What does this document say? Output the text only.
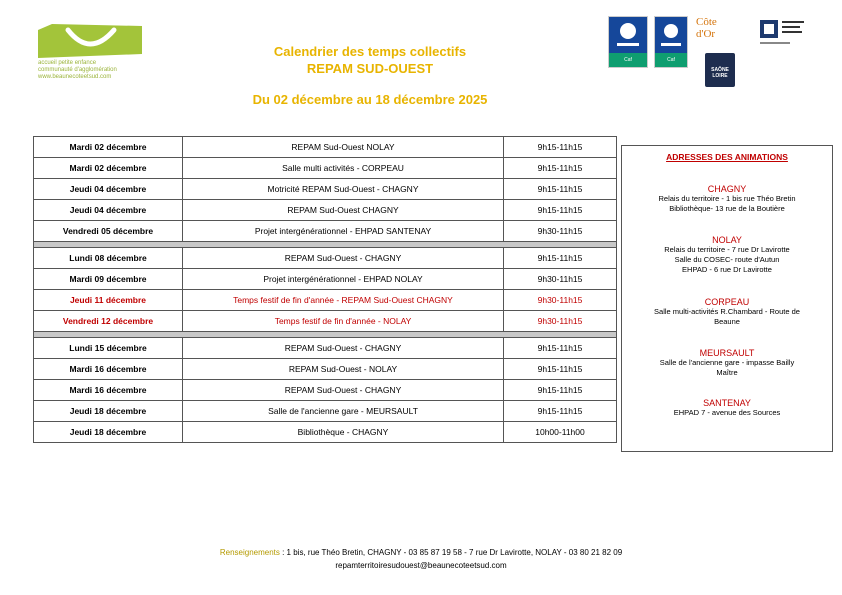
accueil petite enfance
communauté d'agglomération
www.beaunecoteetsud.com
Calendrier des temps collectifs
REPAM SUD-OUEST
Du 02 décembre au 18 décembre 2025
Caf	Caf
Côte
d'Or
SAÔNE
LOIRE
Mardi 02 décembre	REPAM Sud-Ouest NOLAY	9h15-11h15
Mardi 02 décembre	Salle multi activités - CORPEAU	9h15-11h15
Jeudi 04 décembre	Motricité REPAM Sud-Ouest - CHAGNY	9h15-11h15
Jeudi 04 décembre	REPAM Sud-Ouest CHAGNY	9h15-11h15
Vendredi 05 décembre	Projet intergénérationnel - EHPAD SANTENAY	9h30-11h15

Lundi 08 décembre	REPAM Sud-Ouest - CHAGNY	9h15-11h15
Mardi 09 décembre	Projet intergénérationnel - EHPAD NOLAY	9h30-11h15
Jeudi 11 décembre	Temps festif de fin d'année - REPAM Sud-Ouest CHAGNY	9h30-11h15
Vendredi 12 décembre	Temps festif de fin d'année - NOLAY	9h30-11h15

Lundi 15 décembre	REPAM Sud-Ouest - CHAGNY	9h15-11h15
Mardi 16 décembre	REPAM Sud-Ouest - NOLAY	9h15-11h15
Mardi 16 décembre	REPAM Sud-Ouest - CHAGNY	9h15-11h15
Jeudi 18 décembre	Salle de l'ancienne gare - MEURSAULT	9h15-11h15
Jeudi 18 décembre	Bibliothèque - CHAGNY	10h00-11h00
ADRESSES DES ANIMATIONS
CHAGNY
Relais du territoire - 1 bis rue Théo Bretin
Bibliothèque- 13 rue de la Boutière
NOLAY
Relais du territoire - 7 rue Dr Lavirotte
Salle du COSEC- route d'Autun
EHPAD - 6 rue Dr Lavirotte
CORPEAU
Salle multi-activités R.Chambard - Route de
Beaune
MEURSAULT
Salle de l'ancienne gare - impasse Bailly
Maître
SANTENAY
EHPAD 7 - avenue des Sources
Renseignements : 1 bis, rue Théo Bretin, CHAGNY - 03 85 87 19 58 - 7 rue Dr Lavirotte, NOLAY - 03 80 21 82 09
repamterritoiresudouest@beaunecoteetsud.com
